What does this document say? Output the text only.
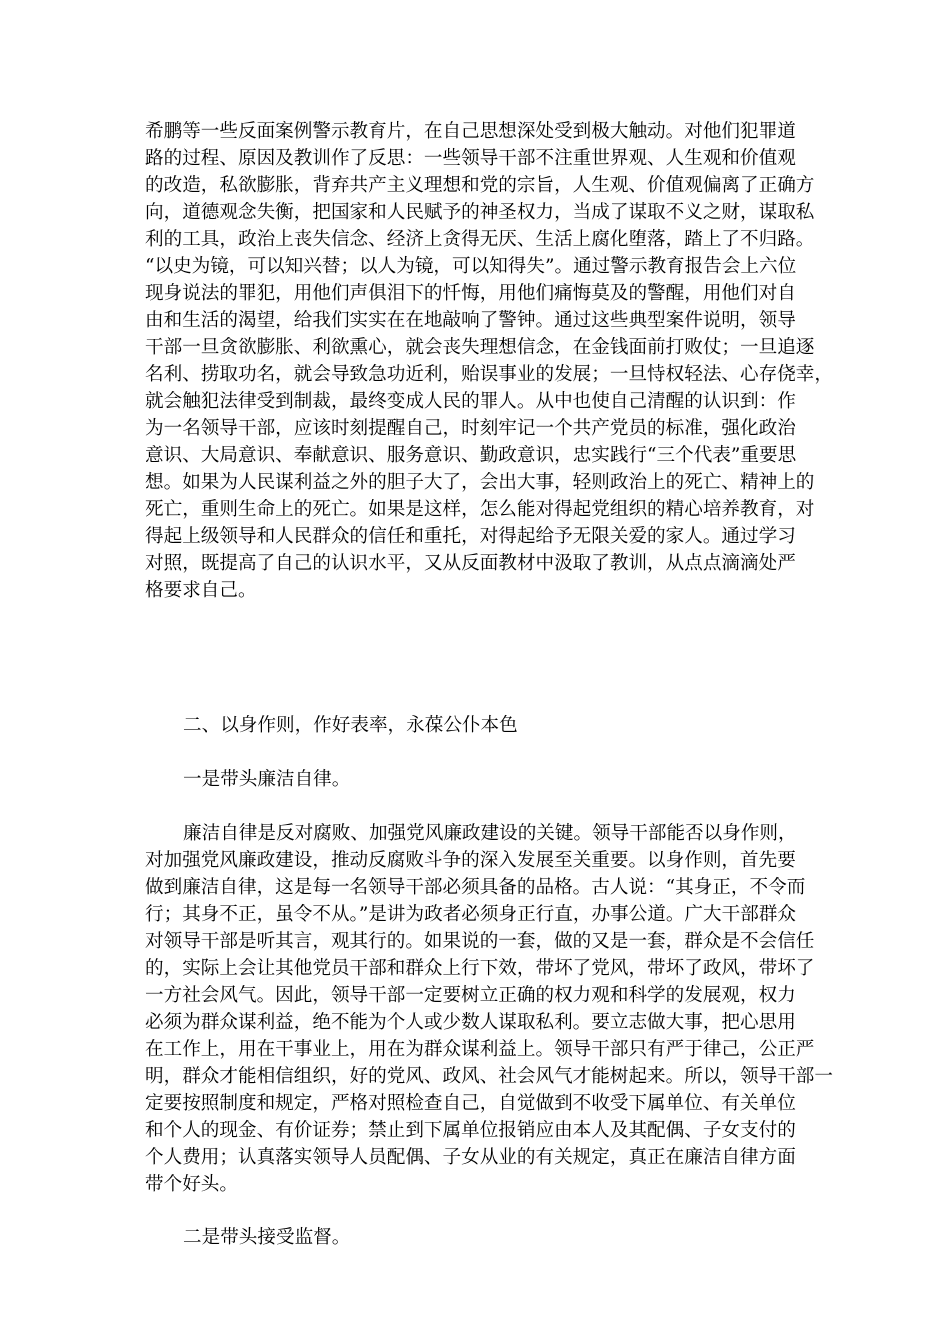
希鹏等一些反面案例警示教育片，在自己思想深处受到极大触动。对他们犯罪道
路的过程、原因及教训作了反思：一些领导干部不注重世界观、人生观和价值观
的改造，私欲膨胀，背弃共产主义理想和党的宗旨，人生观、价值观偏离了正确方
向，道德观念失衡，把国家和人民赋予的神圣权力，当成了谋取不义之财，谋取私
利的工具，政治上丧失信念、经济上贪得无厌、生活上腐化堕落，踏上了不归路。
“以史为镜，可以知兴替；以人为镜，可以知得失”。通过警示教育报告会上六位
现身说法的罪犯，用他们声俱泪下的忏悔，用他们痛悔莫及的警醒，用他们对自
由和生活的渴望，给我们实实在在地敲响了警钟。通过这些典型案件说明，领导
干部一旦贪欲膨胀、利欲熏心，就会丧失理想信念，在金钱面前打败仗；一旦追逐
名利、捞取功名，就会导致急功近利，贻误事业的发展；一旦恃权轻法、心存侥幸，
就会触犯法律受到制裁，最终变成人民的罪人。从中也使自己清醒的认识到：作
为一名领导干部，应该时刻提醒自己，时刻牢记一个共产党员的标准，强化政治
意识、大局意识、奉献意识、服务意识、勤政意识，忠实践行“三个代表”重要思
想。如果为人民谋利益之外的胆子大了，会出大事，轻则政治上的死亡、精神上的
死亡，重则生命上的死亡。如果是这样，怎么能对得起党组织的精心培养教育，对
得起上级领导和人民群众的信任和重托，对得起给予无限关爱的家人。通过学习
对照，既提高了自己的认识水平，又从反面教材中汲取了教训，从点点滴滴处严
格要求自己。
二、以身作则，作好表率，永葆公仆本色
一是带头廉洁自律。
廉洁自律是反对腐败、加强党风廉政建设的关键。领导干部能否以身作则，
对加强党风廉政建设，推动反腐败斗争的深入发展至关重要。以身作则，首先要
做到廉洁自律，这是每一名领导干部必须具备的品格。古人说：“其身正，不令而
行；其身不正，虽令不从。”是讲为政者必须身正行直，办事公道。广大干部群众
对领导干部是听其言，观其行的。如果说的一套，做的又是一套，群众是不会信任
的，实际上会让其他党员干部和群众上行下效，带坏了党风，带坏了政风，带坏了
一方社会风气。因此，领导干部一定要树立正确的权力观和科学的发展观，权力
必须为群众谋利益，绝不能为个人或少数人谋取私利。要立志做大事，把心思用
在工作上，用在干事业上，用在为群众谋利益上。领导干部只有严于律己，公正严
明，群众才能相信组织，好的党风、政风、社会风气才能树起来。所以，领导干部一
定要按照制度和规定，严格对照检查自己，自觉做到不收受下属单位、有关单位
和个人的现金、有价证券；禁止到下属单位报销应由本人及其配偶、子女支付的
个人费用；认真落实领导人员配偶、子女从业的有关规定，真正在廉洁自律方面
带个好头。
二是带头接受监督。
